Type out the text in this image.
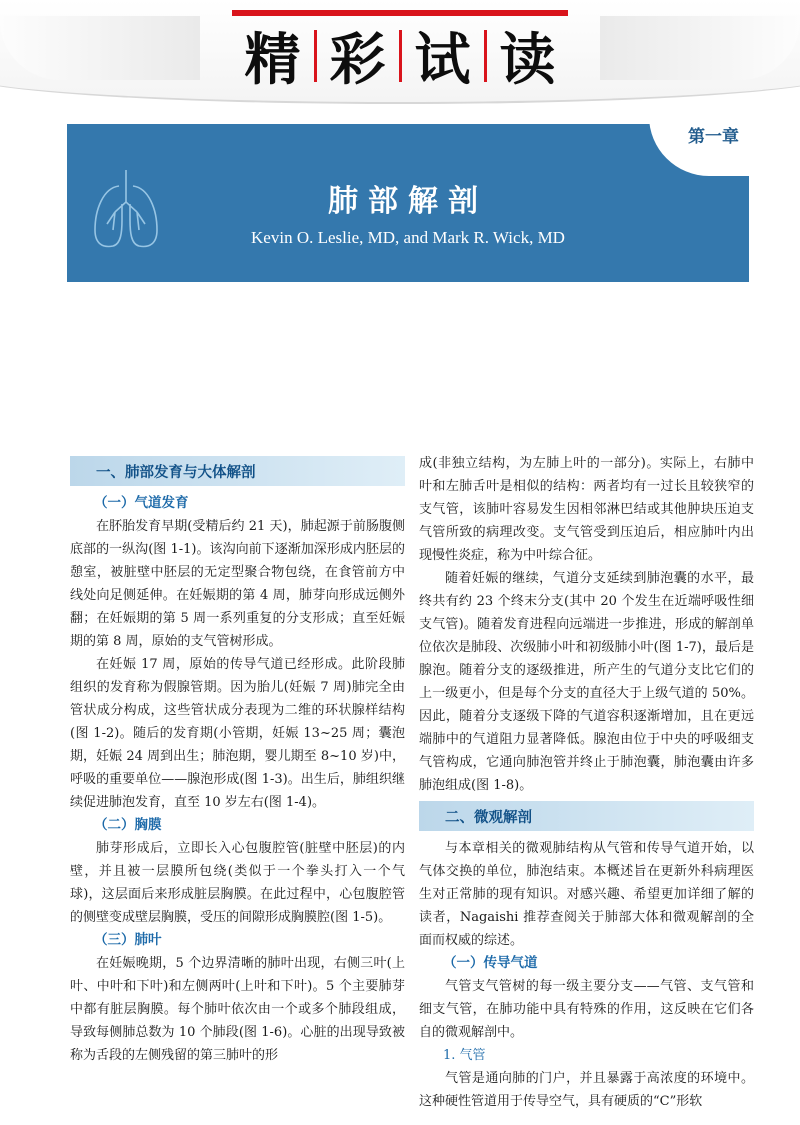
精 彩 试 读
第一章
肺部解剖
Kevin O. Leslie, MD, and Mark R. Wick, MD
一、肺部发育与大体解剖
（一）气道发育

在肧胎发育早期(受精后约 21 天)，肺起源于前肠腹侧底部的一纵沟(图 1-1)。该沟向前下逐渐加深形成内胚层的憩室，被脏壁中胚层的无定型聚合物包绕，在食管前方中线处向足侧延伸。在妊娠期的第 4 周，肺芽向形成远侧外翻；在妊娠期的第 5 周一系列重复的分支形成；直至妊娠期的第 8 周，原始的支气管树形成。

在妊娠 17 周，原始的传导气道已经形成。此阶段肺组织的发育称为假腺管期。因为胎儿(妊娠 7 周)肺完全由管状成分构成，这些管状成分表现为二维的环状腺样结构(图 1-2)。随后的发育期(小管期，妊娠 13~25 周；囊泡期，妊娠 24 周到出生；肺泡期，婴儿期至 8~10 岁)中，呼吸的重要单位——腺泡形成(图 1-3)。出生后，肺组织继续促进肺泡发育，直至 10 岁左右(图 1-4)。

（二）胸膜

肺芽形成后，立即长入心包腹腔管(脏壁中胚层)的内壁，并且被一层膜所包绕(类似于一个拳头打入一个气球)，这层面后来形成脏层胸膜。在此过程中，心包腹腔管的侧壁变成壁层胸膜，受压的间隙形成胸膜腔(图 1-5)。

（三）肺叶

在妊娠晚期，5 个边界清晰的肺叶出现，右侧三叶(上叶、中叶和下叶)和左侧两叶(上叶和下叶)。5 个主要肺芽中都有脏层胸膜。每个肺叶依次由一个或多个肺段组成，导致每侧肺总数为 10 个肺段(图 1-6)。心脏的出现导致被称为舌段的左侧残留的第三肺叶的形

成(非独立结构，为左肺上叶的一部分)。实际上，右肺中叶和左肺舌叶是相似的结构：两者均有一过长且较狭窄的支气管，该肺叶容易发生因相邻淋巴结或其他肿块压迫支气管所致的病理改变。支气管受到压迫后，相应肺叶内出现慢性炎症，称为中叶综合征。

随着妊娠的继续，气道分支延续到肺泡囊的水平，最终共有约 23 个终末分支(其中 20 个发生在近端呼吸性细支气管)。随着发育进程向远端进一步推进，形成的解剖单位依次是肺段、次级肺小叶和初级肺小叶(图 1-7)，最后是腺泡。随着分支的逐级推进，所产生的气道分支比它们的上一级更小，但是每个分支的直径大于上级气道的 50%。因此，随着分支逐级下降的气道容积逐渐增加，且在更远端肺中的气道阻力显著降低。腺泡由位于中央的呼吸细支气管构成，它通向肺泡管并终止于肺泡囊，肺泡囊由许多肺泡组成(图 1-8)。

二、微观解剖

与本章相关的微观肺结构从气管和传导气道开始，以气体交换的单位，肺泡结束。本概述旨在更新外科病理医生对正常肺的现有知识。对感兴趣、希望更加详细了解的读者，Nagaishi 推荐查阅关于肺部大体和微观解剖的全面而权威的综述。

（一）传导气道

气管支气管树的每一级主要分支——气管、支气管和细支气管，在肺功能中具有特殊的作用，这反映在它们各自的微观解剖中。

1. 气管

气管是通向肺的门户，并且暴露于高浓度的环境中。这种硬性管道用于传导空气，具有硬质的“C”形软
